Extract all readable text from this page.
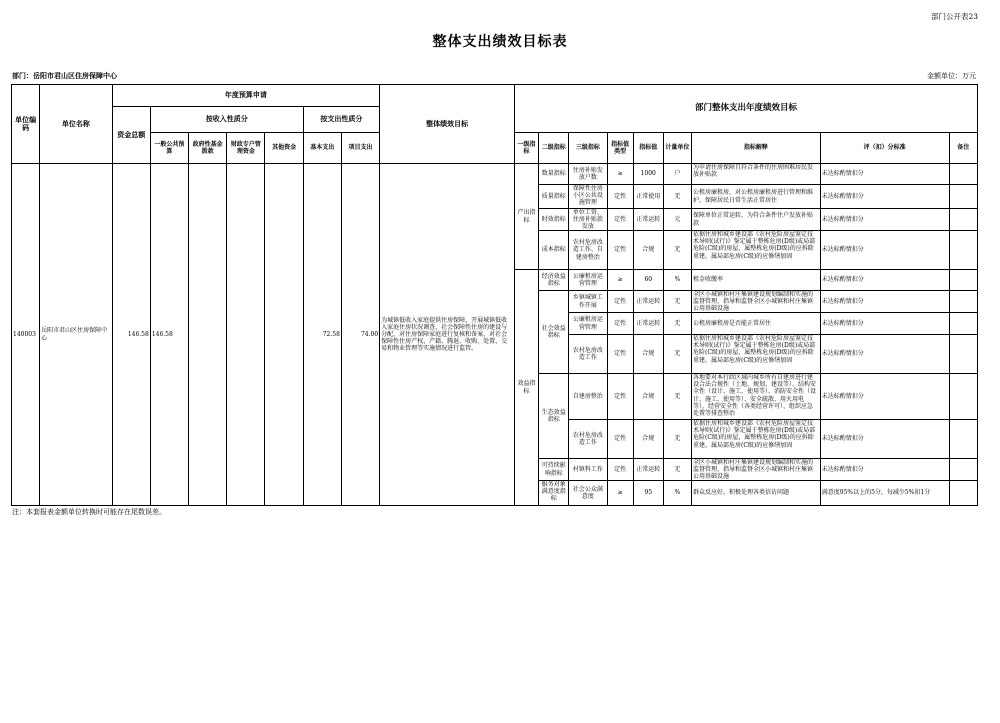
部门公开表23
整体支出绩效目标表
部门：岳阳市君山区住房保障中心	金额单位：万元
单位编码	单位名称	年度预算申请							整体绩效目标	部门整体支出年度绩效目标								
		资金总额	按收入性质分				按支出性质分											
			一般公共预算	政府性基金拨款	财政专户管理资金	其他资金	基本支出	项目支出		一级指标	二级指标	三级指标	指标值类型	指标值	计量单位	指标解释	评（扣）分标准	备注
140003	岳阳市君山区住房保障中心	146.58	146.58				72.58	74.00	为城镇低收入家庭提供住房保障，开展城镇低收入家庭住房状况调查，社会保障性住房的建设与分配，对住房保障家庭进行复核和备案，对社会保障性住房产权、产籍、腾退、收购、处置、交易和物业管理等实施情况进行监管。	产出指标	数量指标	住房补贴发放户数	≥	1000	户	为申请住房保障且符合条件的住房困难居民发放补贴款	未达标酌情扣分	
											质量指标	保障性住房小区公共设施管理	定性	正常使用	无	公租房廉租房，对公租房廉租房进行管理和维护，保障居民日常生活正常居住	未达标酌情扣分	
											时效指标	单位工资、住房补贴款发放	定性	正常运转	元	保障单位正常运转，为符合条件住户发放补贴款	未达标酌情扣分	
											成本指标	农村危房改造工作、自建房整治	定性	合规	无	依据住房和城乡建设部《农村危险房屋鉴定技术导则(试行)》鉴定属于整栋危房(D级)或局部危险(C级)的房屋，属整栋危房(D级)的应拆除重建，属局部危房(C级)的应修缮加固	未达标酌情扣分	
										效益指标	经济效益指标	公廉租房运营管理	≥	60	%	租金收缴率	未达标酌情扣分	
											社会效益指标	乡镇城镇工作开展	定性	正常运转	无	全区小城镇和村庄集镇建设规划编制和实施的监督管理，指导和监督全区小城镇和村庄集镇公用基础设施	未达标酌情扣分	
												公廉租房运营管理	定性	正常运转	无	公租房廉租房是否能正常居住	未达标酌情扣分	
												农村危房改造工作	定性	合规	无	依据住房和城乡建设部《农村危险房屋鉴定技术导则(试行)》鉴定属于整栋危房(D级)或局部危险(C级)的房屋，属整栋危房(D级)的应拆除重建，属局部危房(C级)的应修缮加固	未达标酌情扣分	
											生态效益指标	自建房整治	定性	合规	无	各地要对本行政区域内城乡所有自建房进行建设合法合规性（土地、规划、建设等）、结构安全性（设计、施工、使用等）、消防安全性（设计、施工、使用等）、安全疏散、用火用电等），经营安全性（各类经营许可）、组织应急处置等排查整治	未达标酌情扣分	
												农村危房改造工作	定性	合规	无	依据住房和城乡建设部《农村危险房屋鉴定技术导则(试行)》鉴定属于整栋危房(D级)或局部危险(C级)的房屋，属整栋危房(D级)的应拆除重建，属局部危房(C级)的应修缮加固	未达标酌情扣分	
											可持续影响指标	村镇科工作	定性	正常运转	无	全区小城镇和村庄集镇建设规划编制和实施的监督管理，指导和监督全区小城镇和村庄集镇公用基础设施	未达标酌情扣分	

											服务对象满意度指标	社会公众满意度	≥	95	%	群众反应好，积极处理各类信访问题	满意度95%以上的5分，每减少5%扣1分	
注：本套报表金额单位转换时可能存在尾数误差。
